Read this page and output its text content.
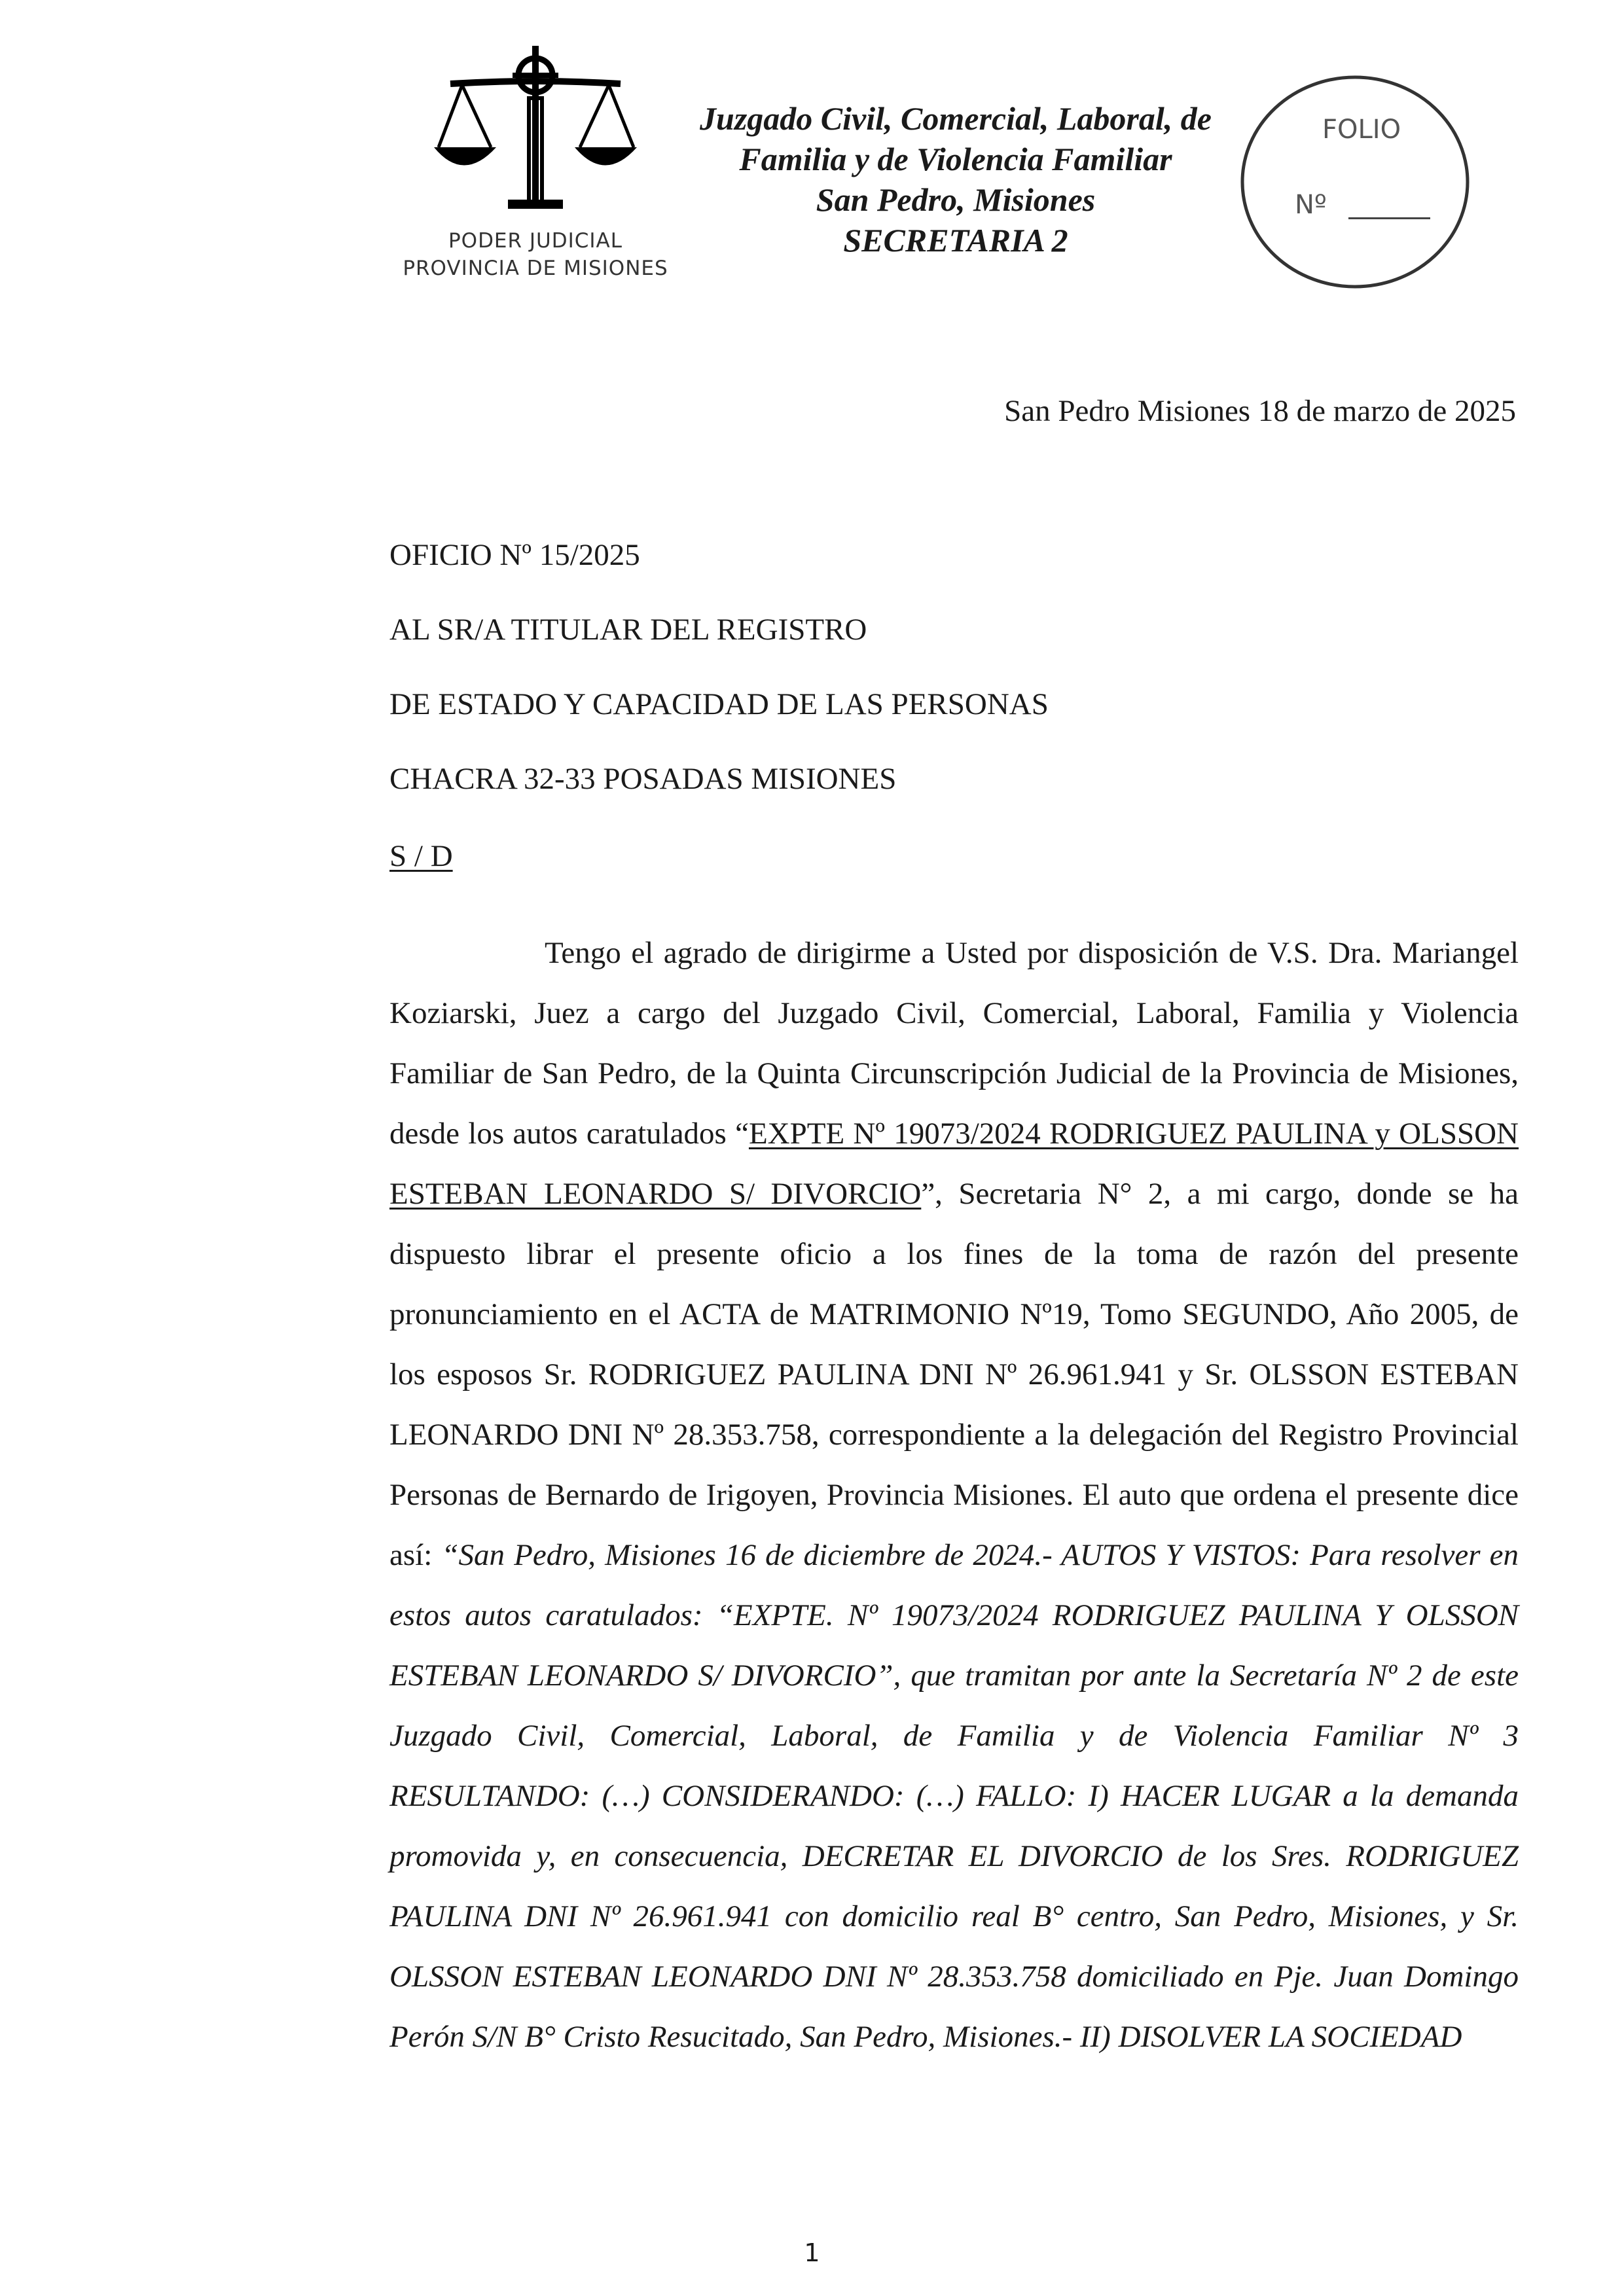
PODER JUDICIAL
PROVINCIA DE MISIONES
Juzgado Civil, Comercial, Laboral, de
Familia y de Violencia Familiar
San Pedro, Misiones
SECRETARIA 2
FOLIO
Nº
San Pedro Misiones 18 de marzo de 2025
OFICIO Nº 15/2025
AL SR/A TITULAR DEL REGISTRO
DE ESTADO Y CAPACIDAD DE LAS PERSONAS
CHACRA 32-33 POSADAS MISIONES
S / D

Tengo el agrado de dirigirme a Usted por disposición de V.S. Dra. Mariangel Koziarski, Juez a cargo del Juzgado Civil, Comercial, Laboral, Familia y Violencia Familiar de San Pedro, de la Quinta Circunscripción Judicial de la Provincia de Misiones, desde los autos caratulados “EXPTE Nº 19073/2024 RODRIGUEZ PAULINA y OLSSON ESTEBAN LEONARDO S/ DIVORCIO”, Secretaria N° 2, a mi cargo, donde se ha dispuesto librar el presente oficio a los fines de la toma de razón del presente pronunciamiento en el ACTA de MATRIMONIO Nº19, Tomo SEGUNDO, Año 2005, de los esposos Sr. RODRIGUEZ PAULINA DNI Nº 26.961.941 y Sr. OLSSON ESTEBAN LEONARDO DNI Nº 28.353.758, correspondiente a la delegación del Registro Provincial Personas de Bernardo de Irigoyen, Provincia Misiones. El auto que ordena el presente dice así: “San Pedro, Misiones 16 de diciembre de 2024.- AUTOS Y VISTOS: Para resolver en estos autos caratulados: “EXPTE. Nº 19073/2024 RODRIGUEZ PAULINA Y OLSSON ESTEBAN LEONARDO S/ DIVORCIO”, que tramitan por ante la Secretaría Nº 2 de este Juzgado Civil, Comercial, Laboral, de Familia y de Violencia Familiar Nº 3 RESULTANDO: (…) CONSIDERANDO: (…) FALLO: I) HACER LUGAR a la demanda promovida y, en consecuencia, DECRETAR EL DIVORCIO de los Sres. RODRIGUEZ PAULINA DNI Nº 26.961.941 con domicilio real B° centro, San Pedro, Misiones, y Sr. OLSSON ESTEBAN LEONARDO DNI Nº 28.353.758 domiciliado en Pje. Juan Domingo Perón S/N B° Cristo Resucitado, San Pedro, Misiones.- II) DISOLVER LA SOCIEDAD

1
